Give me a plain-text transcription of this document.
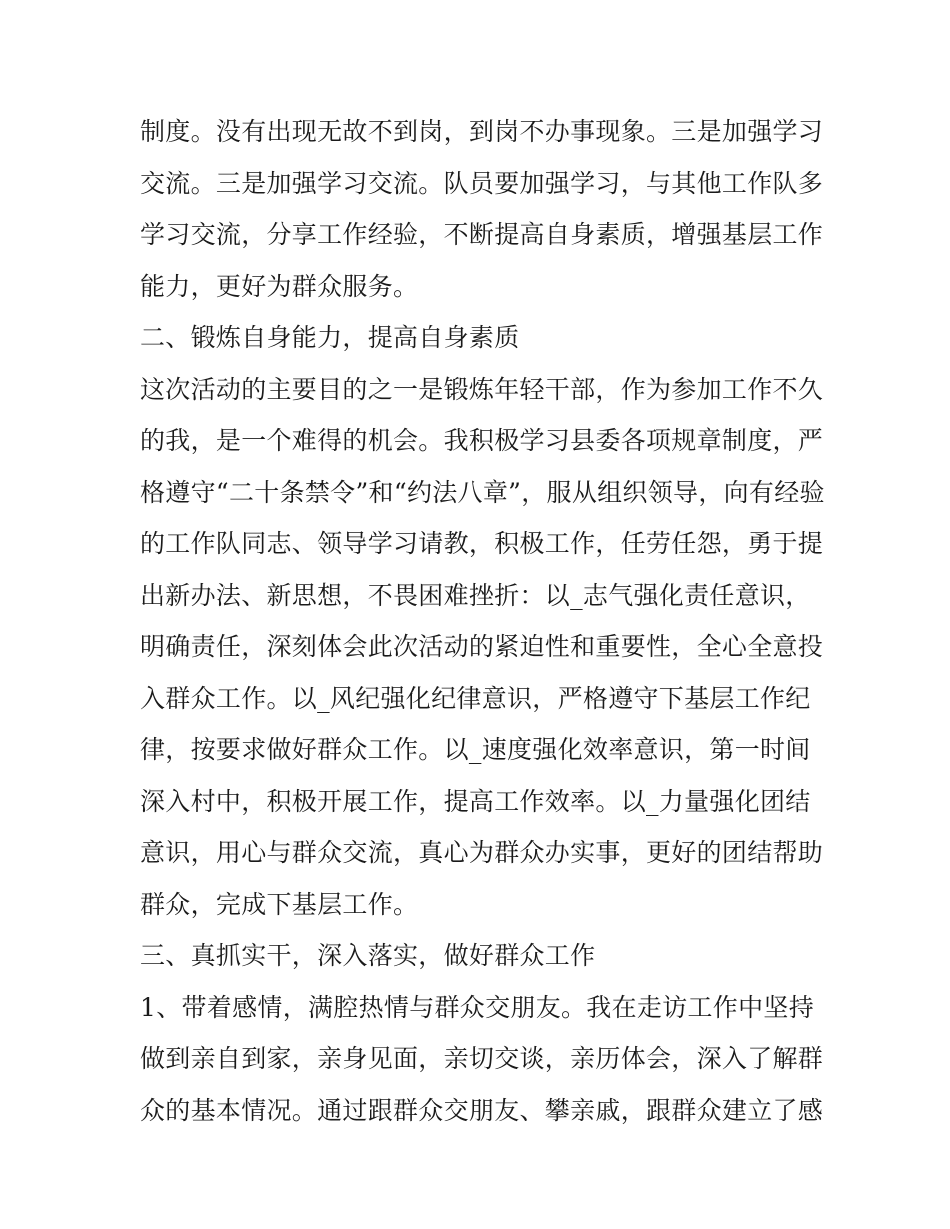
制度。没有出现无故不到岗，到岗不办事现象。三是加强学习
交流。三是加强学习交流。队员要加强学习，与其他工作队多
学习交流，分享工作经验，不断提高自身素质，增强基层工作
能力，更好为群众服务。
二、锻炼自身能力，提高自身素质
这次活动的主要目的之一是锻炼年轻干部，作为参加工作不久
的我，是一个难得的机会。我积极学习县委各项规章制度，严
格遵守“二十条禁令”和“约法八章”，服从组织领导，向有经验
的工作队同志、领导学习请教，积极工作，任劳任怨，勇于提
出新办法、新思想，不畏困难挫折：以_志气强化责任意识，
明确责任，深刻体会此次活动的紧迫性和重要性，全心全意投
入群众工作。以_风纪强化纪律意识，严格遵守下基层工作纪
律，按要求做好群众工作。以_速度强化效率意识，第一时间
深入村中，积极开展工作，提高工作效率。以_力量强化团结
意识，用心与群众交流，真心为群众办实事，更好的团结帮助
群众，完成下基层工作。
三、真抓实干，深入落实，做好群众工作
1、带着感情，满腔热情与群众交朋友。我在走访工作中坚持
做到亲自到家，亲身见面，亲切交谈，亲历体会，深入了解群
众的基本情况。通过跟群众交朋友、攀亲戚，跟群众建立了感
